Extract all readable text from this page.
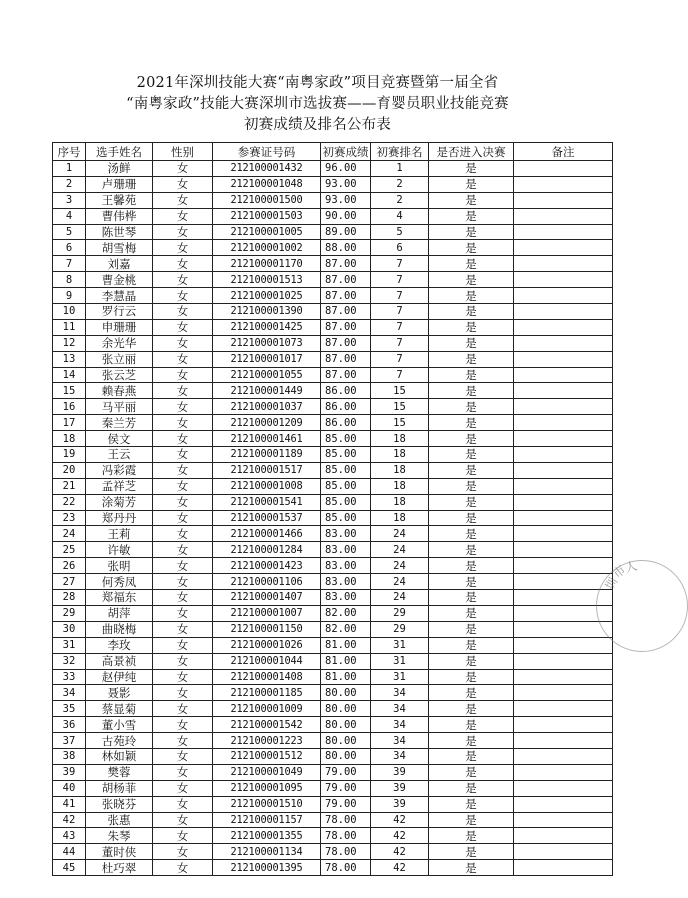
2021年深圳技能大赛“南粤家政”项目竞赛暨第一届全省
“南粤家政”技能大赛深圳市选拔赛——育婴员职业技能竞赛
初赛成绩及排名公布表
序号	选手姓名	性别	参赛证号码	初赛成绩	初赛排名	是否进入决赛	备注
1	汤鲜	女	212100001432	96.00	1	是	
2	卢珊珊	女	212100001048	93.00	2	是	
3	王馨苑	女	212100001500	93.00	2	是	
4	曹伟桦	女	212100001503	90.00	4	是	
5	陈世琴	女	212100001005	89.00	5	是	
6	胡雪梅	女	212100001002	88.00	6	是	
7	刘嘉	女	212100001170	87.00	7	是	
8	曹金桃	女	212100001513	87.00	7	是	
9	李慧晶	女	212100001025	87.00	7	是	
10	罗行云	女	212100001390	87.00	7	是	
11	申珊珊	女	212100001425	87.00	7	是	
12	余光华	女	212100001073	87.00	7	是	
13	张立丽	女	212100001017	87.00	7	是	
14	张云芝	女	212100001055	87.00	7	是	
15	赖春燕	女	212100001449	86.00	15	是	
16	马平丽	女	212100001037	86.00	15	是	
17	秦兰芳	女	212100001209	86.00	15	是	
18	侯文	女	212100001461	85.00	18	是	
19	王云	女	212100001189	85.00	18	是	
20	冯彩霞	女	212100001517	85.00	18	是	
21	孟祥芝	女	212100001008	85.00	18	是	
22	涂菊芳	女	212100001541	85.00	18	是	
23	郑丹丹	女	212100001537	85.00	18	是	
24	王莉	女	212100001466	83.00	24	是	
25	许敏	女	212100001284	83.00	24	是	
26	张明	女	212100001423	83.00	24	是	
27	何秀凤	女	212100001106	83.00	24	是	
28	郑福东	女	212100001407	83.00	24	是	
29	胡萍	女	212100001007	82.00	29	是	
30	曲晓梅	女	212100001150	82.00	29	是	
31	李玫	女	212100001026	81.00	31	是	
32	高景祯	女	212100001044	81.00	31	是	
33	赵伊纯	女	212100001408	81.00	31	是	
34	聂影	女	212100001185	80.00	34	是	
35	蔡显菊	女	212100001009	80.00	34	是	
36	董小雪	女	212100001542	80.00	34	是	
37	古苑玲	女	212100001223	80.00	34	是	
38	林如颖	女	212100001512	80.00	34	是	
39	樊蓉	女	212100001049	79.00	39	是	
40	胡杨菲	女	212100001095	79.00	39	是	
41	张晓芬	女	212100001510	79.00	39	是	
42	张惠	女	212100001157	78.00	42	是	
43	朱琴	女	212100001355	78.00	42	是	
44	董时侠	女	212100001134	78.00	42	是	
45	杜巧翠	女	212100001395	78.00	42	是	
圳
市
人
